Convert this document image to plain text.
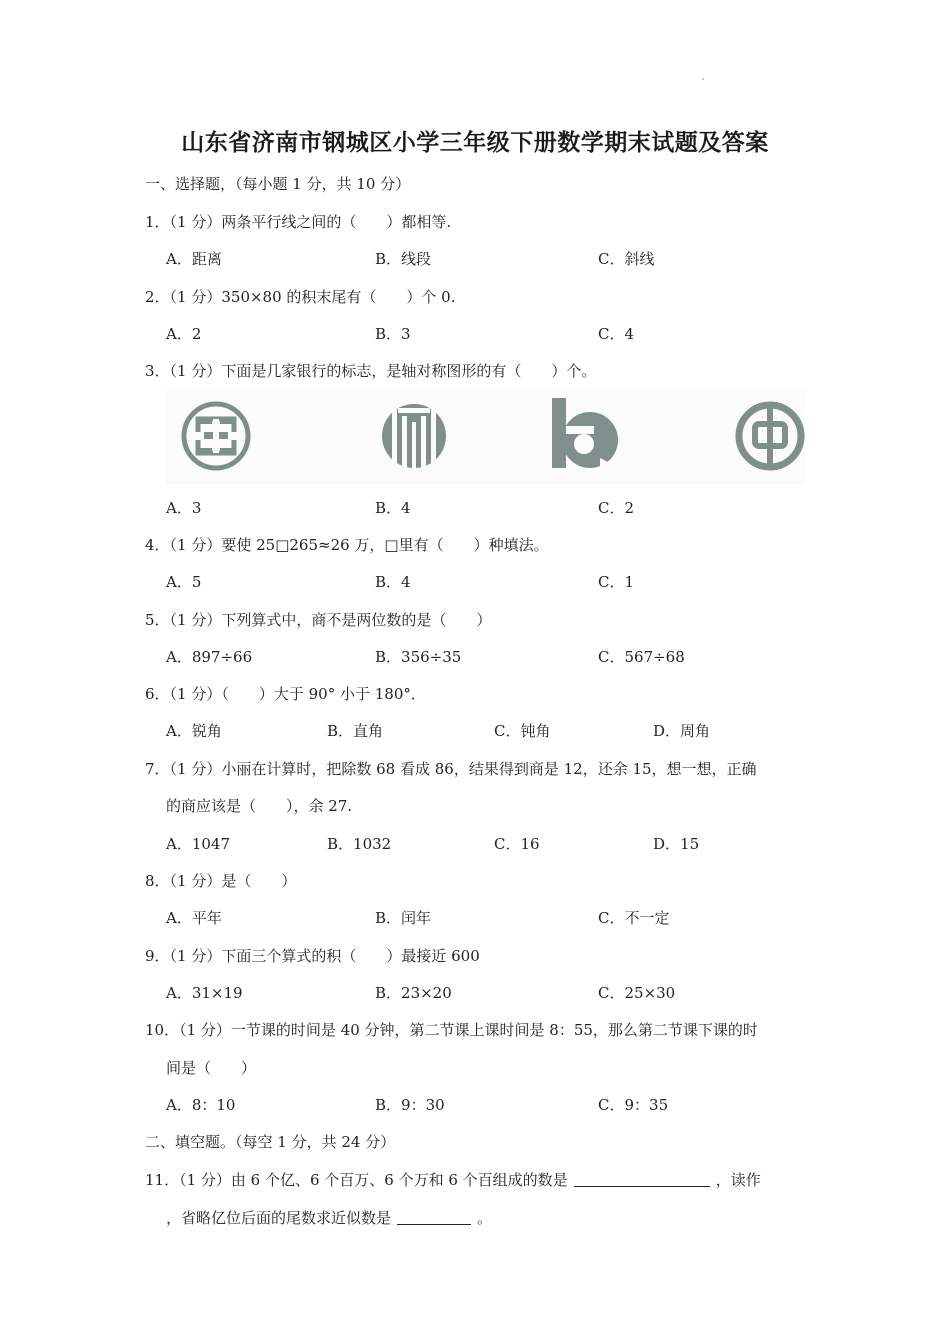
山东省济南市钢城区小学三年级下册数学期末试题及答案
一、选择题，（每小题 1 分，共 10 分）
1．（1 分）两条平行线之间的（　　）都相等.
A．距离	B．线段	C．斜线
2．（1 分）350×80 的积末尾有（　　）个 0.
A．2	B．3	C．4
3．（1 分）下面是几家银行的标志，是轴对称图形的有（　　）个。
A．3	B．4	C．2
4．（1 分）要使 25□265≈26 万，□里有（　　）种填法。
A．5	B．4	C．1
5．（1 分）下列算式中，商不是两位数的是（　　）
A．897÷66	B．356÷35	C．567÷68
6．（1 分）（　　）大于 90° 小于 180°．
A．锐角	B．直角	C．钝角	D．周角
7．（1 分）小丽在计算时，把除数 68 看成 86，结果得到商是 12，还余 15，想一想，正确
的商应该是（　　），余 27.
A．1047	B．1032	C．16	D．15
8．（1 分）是（　　）
A．平年	B．闰年	C．不一定
9．（1 分）下面三个算式的积（　　）最接近 600
A．31×19	B．23×20	C．25×30
10．（1 分）一节课的时间是 40 分钟，第二节课上课时间是 8：55，那么第二节课下课的时
间是（　　）
A．8：10	B．9：30	C．9：35
二、填空题。（每空 1 分，共 24 分）
11．（1 分）由 6 个亿、6 个百万、6 个万和 6 个百组成的数是	，读作
，省略亿位后面的尾数求近似数是	。
